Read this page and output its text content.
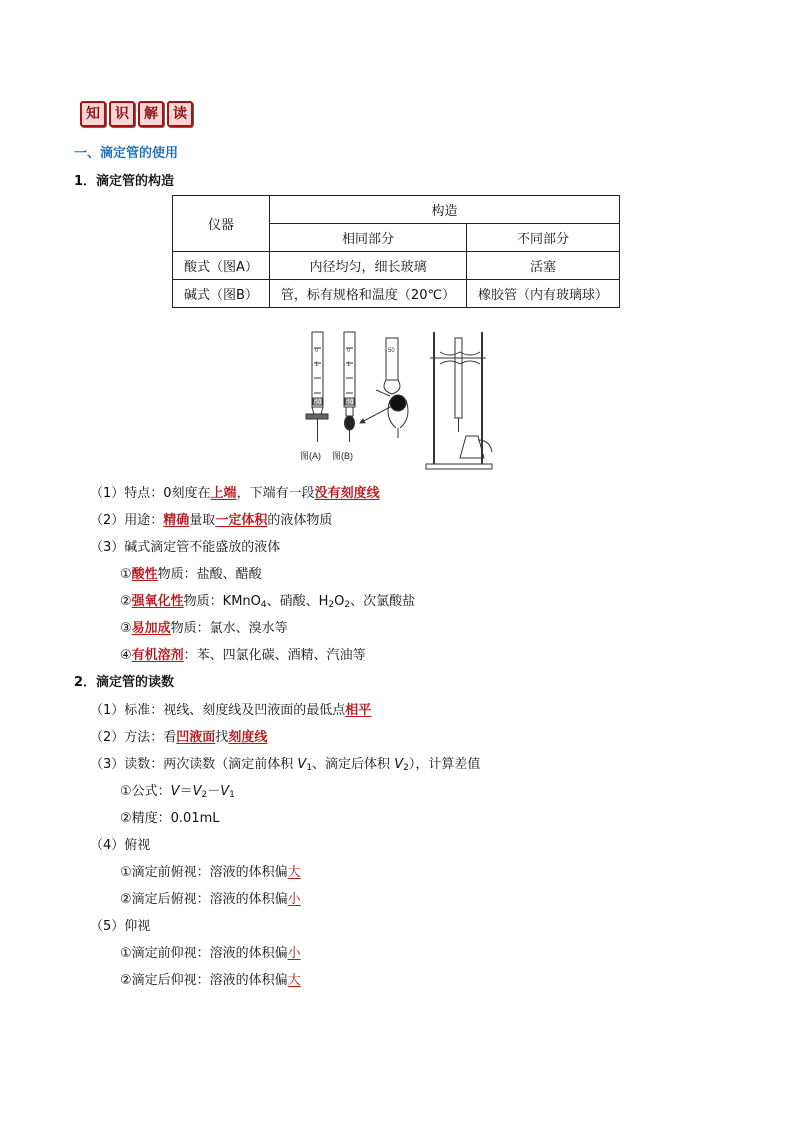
知	识	解	读
一、滴定管的使用
1．滴定管的构造
仪器	构造	
	相同部分	不同部分
酸式（图A）	内径均匀，细长玻璃	活塞
碱式（图B）	管，标有规格和温度（20℃）	橡胶管（内有玻璃球）
0
1
50
0
1
50
50
图(A) 图(B)
（1）特点：0刻度在上端，下端有一段没有刻度线
（2）用途：精确量取一定体积的液体物质
（3）碱式滴定管不能盛放的液体
①酸性物质：盐酸、醋酸
②强氧化性物质：KMnO$_4$、硝酸、$H_2O_2$、次氯酸盐
③易加成物质：氯水、溴水等
④有机溶剂：苯、四氯化碳、酒精、汽油等
2．滴定管的读数
（1）标准：视线、刻度线及凹液面的最低点相平
（2）方法：看凹液面找刻度线
（3）读数：两次读数（滴定前体积 $V_1$、滴定后体积 $V_2$），计算差值
①公式：$V=V_2-V_1$
②精度：0.01mL
（4）俯视
①滴定前俯视：溶液的体积偏大
②滴定后俯视：溶液的体积偏小
（5）仰视
①滴定前仰视：溶液的体积偏小
②滴定后仰视：溶液的体积偏大
